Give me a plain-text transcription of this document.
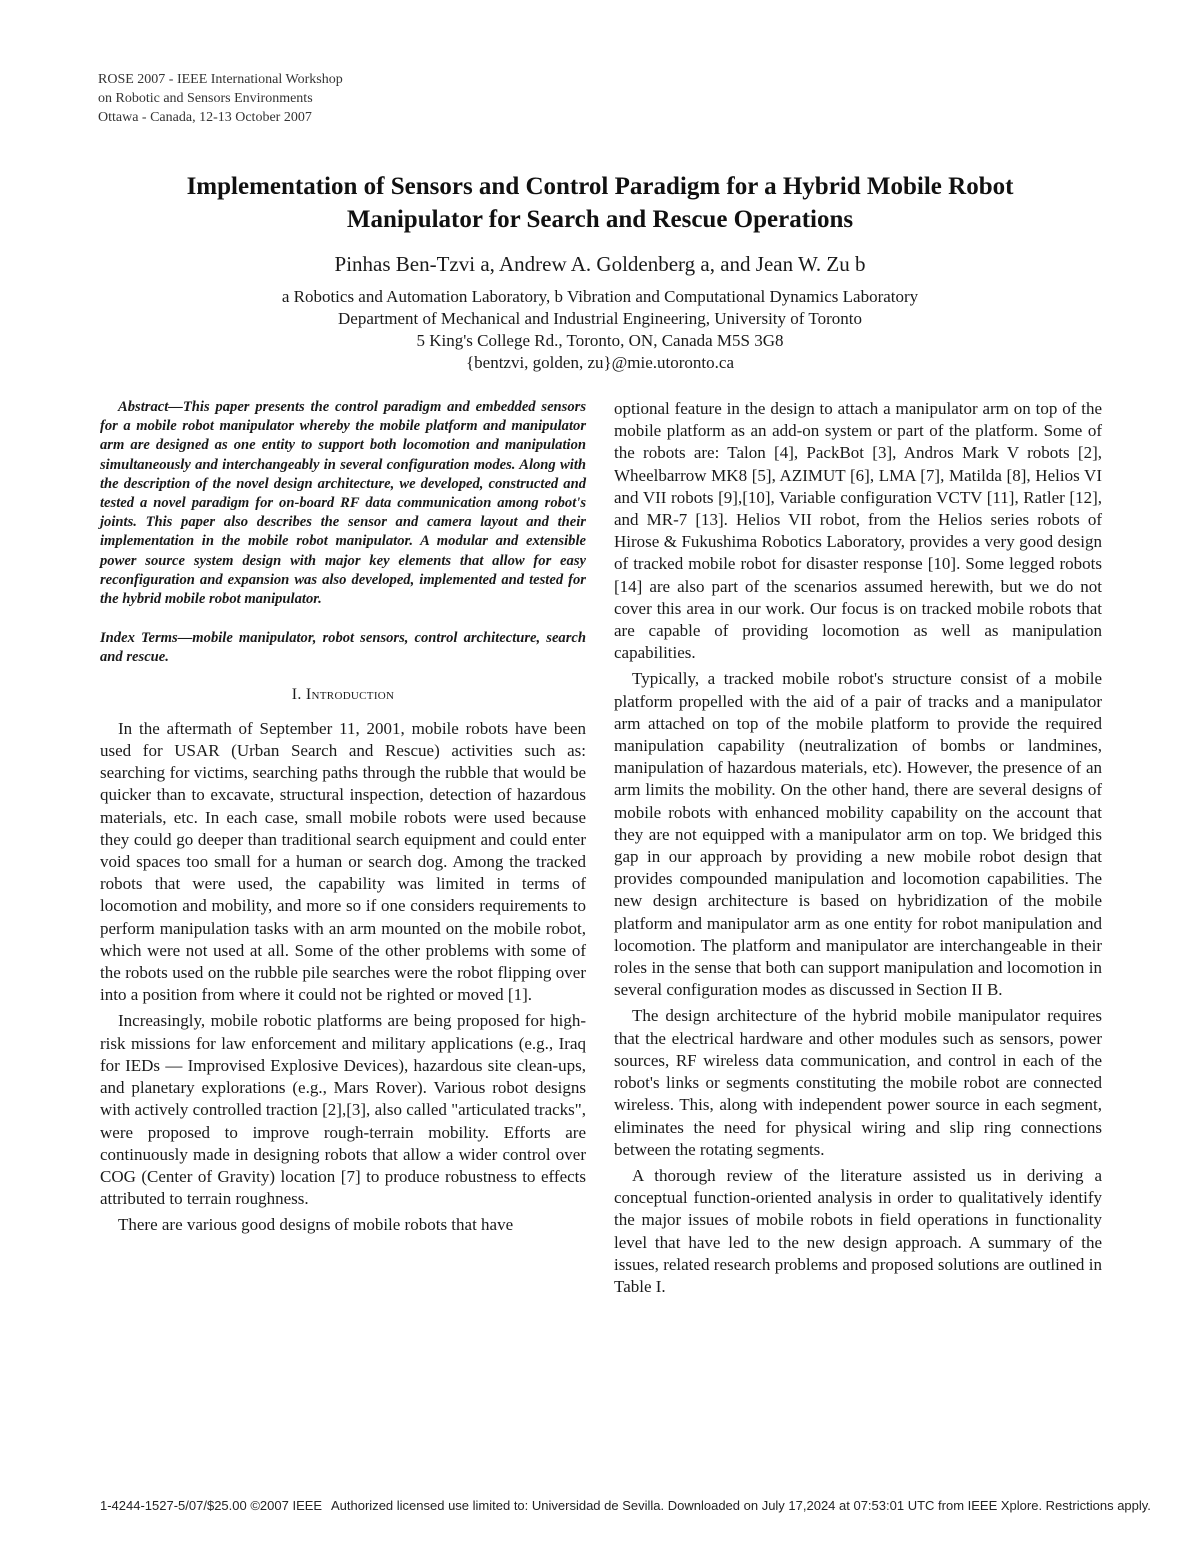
ROSE 2007 - IEEE International Workshop
on Robotic and Sensors Environments
Ottawa - Canada, 12-13 October 2007
Implementation of Sensors and Control Paradigm for a Hybrid Mobile Robot
Manipulator for Search and Rescue Operations
Pinhas Ben-Tzvi a, Andrew A. Goldenberg a, and Jean W. Zu b
a Robotics and Automation Laboratory, b Vibration and Computational Dynamics Laboratory
Department of Mechanical and Industrial Engineering, University of Toronto
5 King's College Rd., Toronto, ON, Canada M5S 3G8
{bentzvi, golden, zu}@mie.utoronto.ca

Abstract—This paper presents the control paradigm and embedded sensors for a mobile robot manipulator whereby the mobile platform and manipulator arm are designed as one entity to support both locomotion and manipulation simultaneously and interchangeably in several configuration modes. Along with the description of the novel design architecture, we developed, constructed and tested a novel paradigm for on-board RF data communication among robot's joints. This paper also describes the sensor and camera layout and their implementation in the mobile robot manipulator. A modular and extensible power source system design with major key elements that allow for easy reconfiguration and expansion was also developed, implemented and tested for the hybrid mobile robot manipulator.

Index Terms—mobile manipulator, robot sensors, control architecture, search and rescue.

I. Introduction

In the aftermath of September 11, 2001, mobile robots have been used for USAR (Urban Search and Rescue) activities such as: searching for victims, searching paths through the rubble that would be quicker than to excavate, structural inspection, detection of hazardous materials, etc. In each case, small mobile robots were used because they could go deeper than traditional search equipment and could enter void spaces too small for a human or search dog. Among the tracked robots that were used, the capability was limited in terms of locomotion and mobility, and more so if one considers requirements to perform manipulation tasks with an arm mounted on the mobile robot, which were not used at all. Some of the other problems with some of the robots used on the rubble pile searches were the robot flipping over into a position from where it could not be righted or moved [1].

Increasingly, mobile robotic platforms are being proposed for high-risk missions for law enforcement and military applications (e.g., Iraq for IEDs — Improvised Explosive Devices), hazardous site clean-ups, and planetary explorations (e.g., Mars Rover). Various robot designs with actively controlled traction [2],[3], also called "articulated tracks", were proposed to improve rough-terrain mobility. Efforts are continuously made in designing robots that allow a wider control over COG (Center of Gravity) location [7] to produce robustness to effects attributed to terrain roughness.

There are various good designs of mobile robots that have

optional feature in the design to attach a manipulator arm on top of the mobile platform as an add-on system or part of the platform. Some of the robots are: Talon [4], PackBot [3], Andros Mark V robots [2], Wheelbarrow MK8 [5], AZIMUT [6], LMA [7], Matilda [8], Helios VI and VII robots [9],[10], Variable configuration VCTV [11], Ratler [12], and MR-7 [13]. Helios VII robot, from the Helios series robots of Hirose & Fukushima Robotics Laboratory, provides a very good design of tracked mobile robot for disaster response [10]. Some legged robots [14] are also part of the scenarios assumed herewith, but we do not cover this area in our work. Our focus is on tracked mobile robots that are capable of providing locomotion as well as manipulation capabilities.

Typically, a tracked mobile robot's structure consist of a mobile platform propelled with the aid of a pair of tracks and a manipulator arm attached on top of the mobile platform to provide the required manipulation capability (neutralization of bombs or landmines, manipulation of hazardous materials, etc). However, the presence of an arm limits the mobility. On the other hand, there are several designs of mobile robots with enhanced mobility capability on the account that they are not equipped with a manipulator arm on top. We bridged this gap in our approach by providing a new mobile robot design that provides compounded manipulation and locomotion capabilities. The new design architecture is based on hybridization of the mobile platform and manipulator arm as one entity for robot manipulation and locomotion. The platform and manipulator are interchangeable in their roles in the sense that both can support manipulation and locomotion in several configuration modes as discussed in Section II B.

The design architecture of the hybrid mobile manipulator requires that the electrical hardware and other modules such as sensors, power sources, RF wireless data communication, and control in each of the robot's links or segments constituting the mobile robot are connected wireless. This, along with independent power source in each segment, eliminates the need for physical wiring and slip ring connections between the rotating segments.

A thorough review of the literature assisted us in deriving a conceptual function-oriented analysis in order to qualitatively identify the major issues of mobile robots in field operations in functionality level that have led to the new design approach. A summary of the issues, related research problems and proposed solutions are outlined in Table I.

1-4244-1527-5/07/$25.00 ©2007 IEEE Authorized licensed use limited to: Universidad de Sevilla. Downloaded on July 17,2024 at 07:53:01 UTC from IEEE Xplore. Restrictions apply.
